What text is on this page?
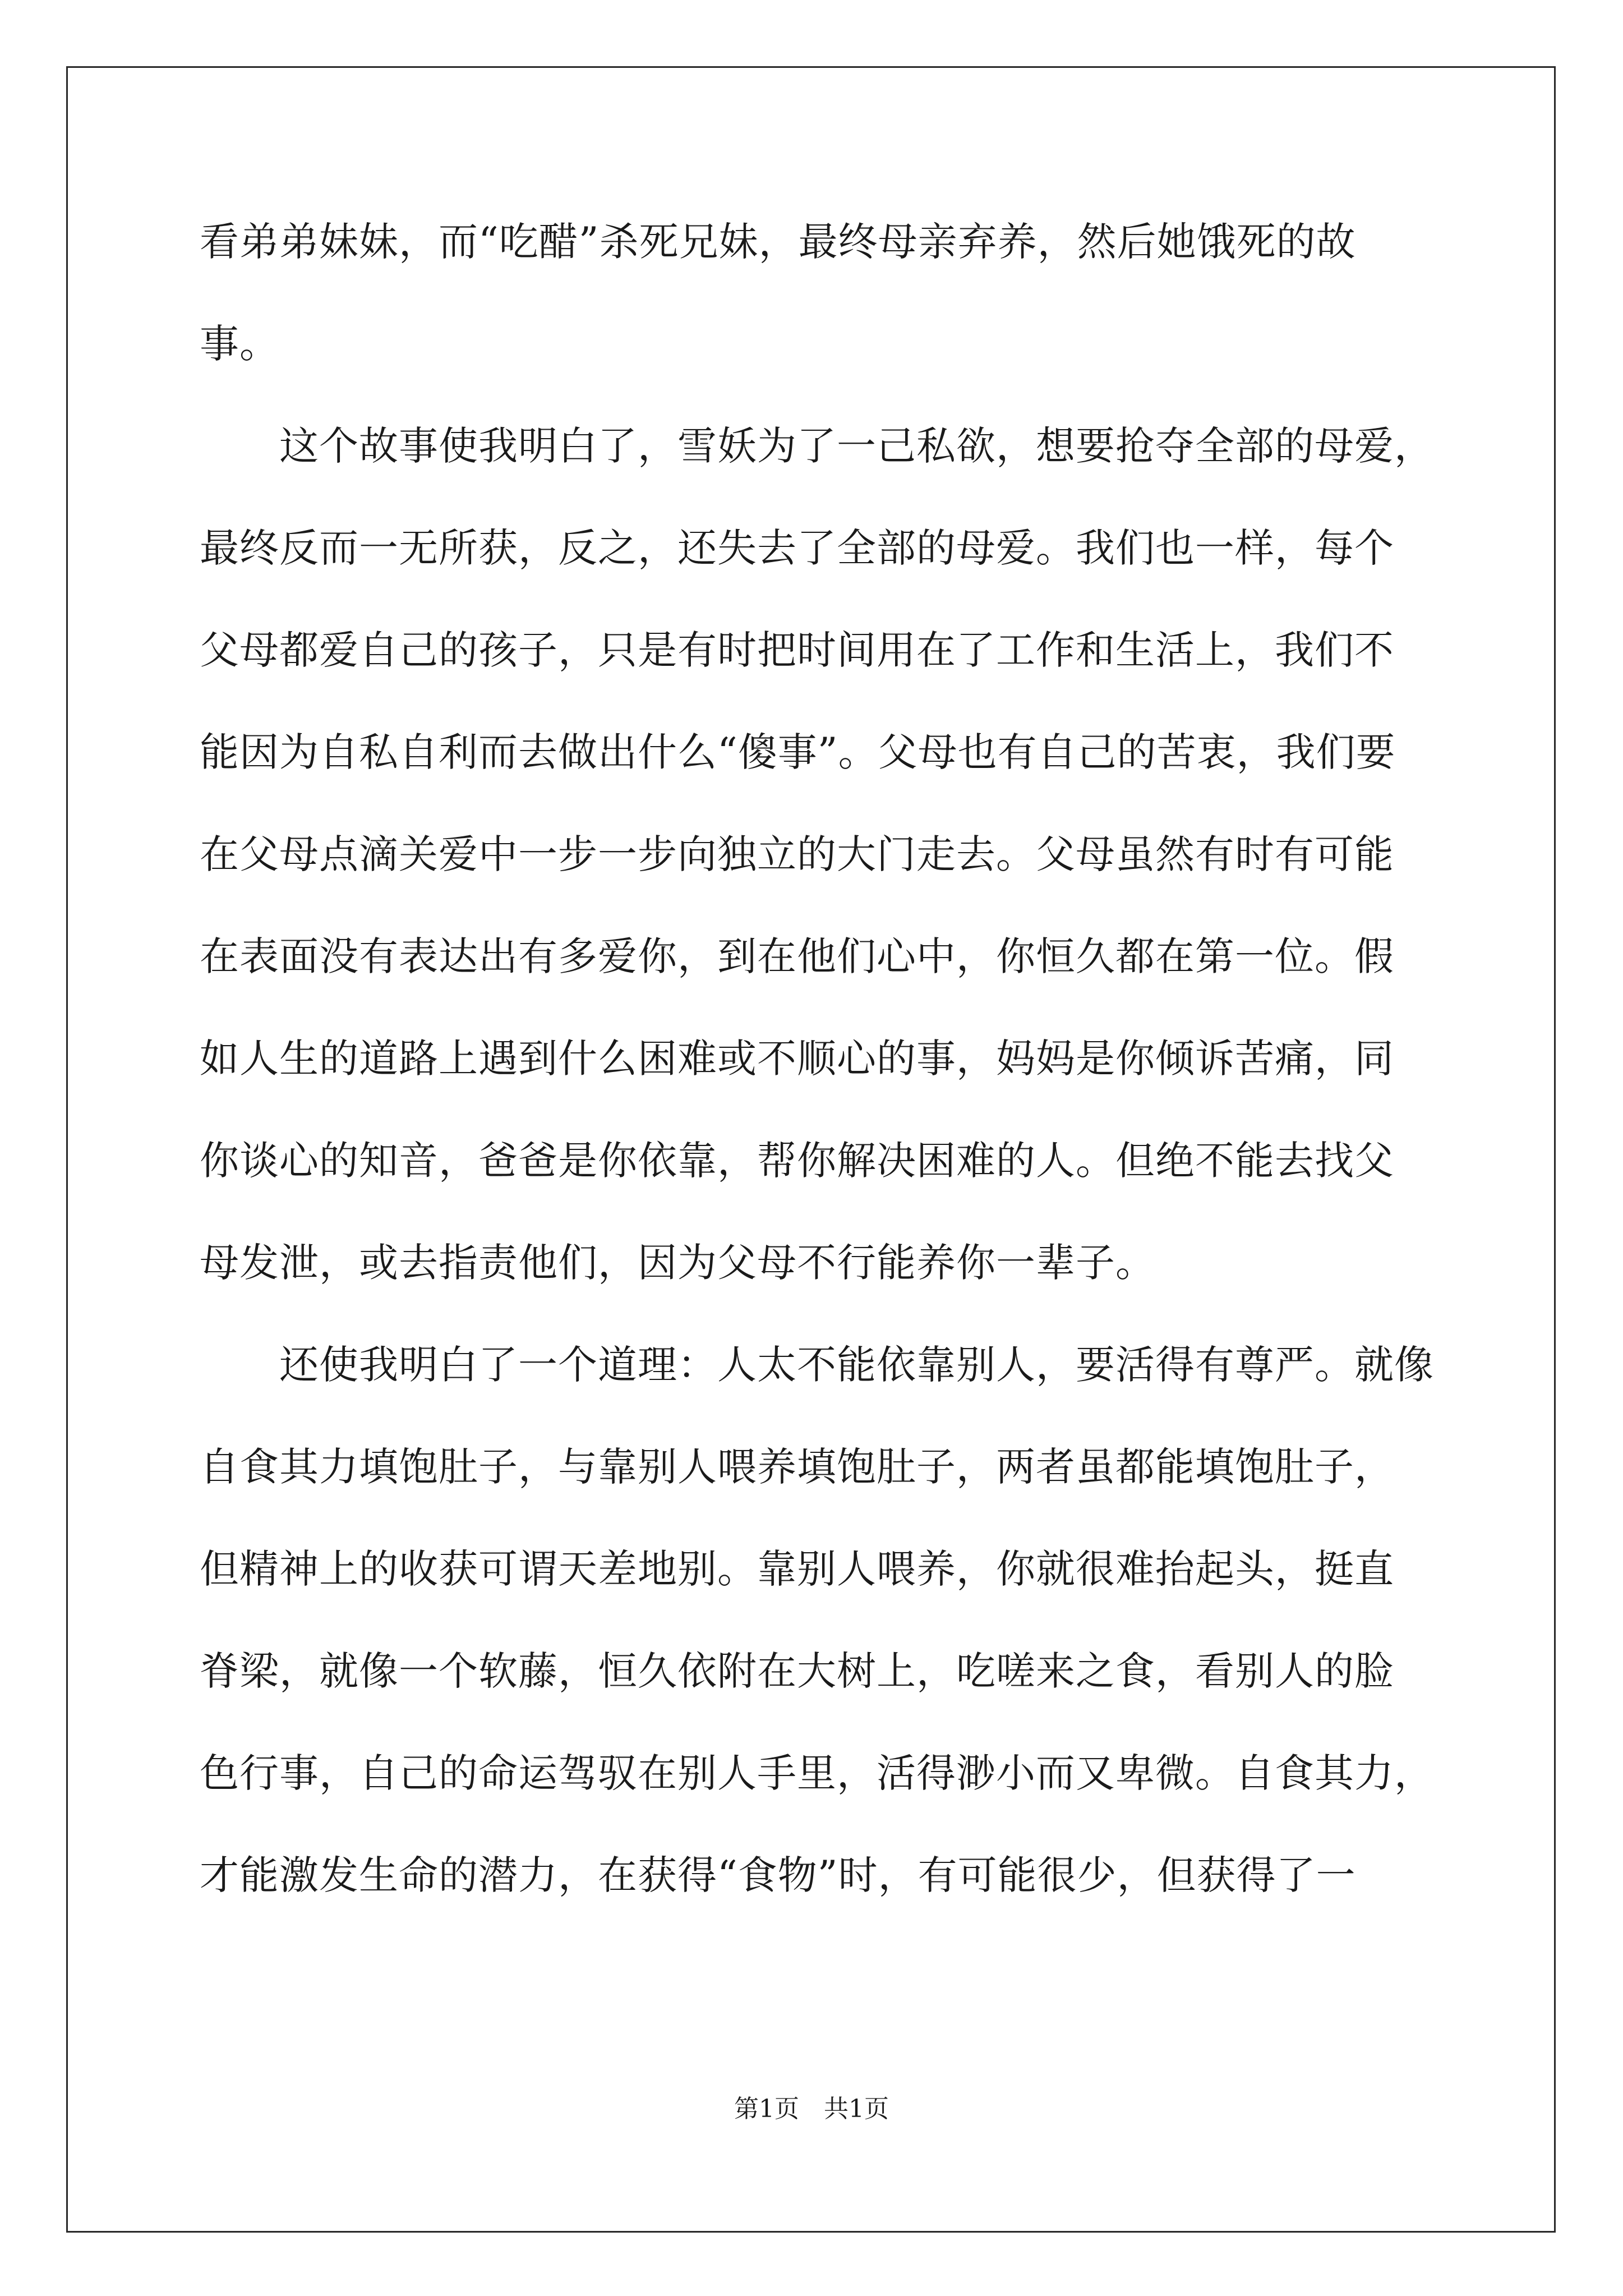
看弟弟妹妹，而“吃醋”杀死兄妹，最终母亲弃养，然后她饿死的故
事。
　　这个故事使我明白了，雪妖为了一己私欲，想要抢夺全部的母爱，
最终反而一无所获，反之，还失去了全部的母爱。我们也一样，每个
父母都爱自己的孩子，只是有时把时间用在了工作和生活上，我们不
能因为自私自利而去做出什么“傻事”。父母也有自己的苦衷，我们要
在父母点滴关爱中一步一步向独立的大门走去。父母虽然有时有可能
在表面没有表达出有多爱你，到在他们心中，你恒久都在第一位。假
如人生的道路上遇到什么困难或不顺心的事，妈妈是你倾诉苦痛，同
你谈心的知音，爸爸是你依靠，帮你解决困难的人。但绝不能去找父
母发泄，或去指责他们，因为父母不行能养你一辈子。
　　还使我明白了一个道理：人太不能依靠别人，要活得有尊严。就像
自食其力填饱肚子，与靠别人喂养填饱肚子，两者虽都能填饱肚子，
但精神上的收获可谓天差地别。靠别人喂养，你就很难抬起头，挺直
脊梁，就像一个软藤，恒久依附在大树上，吃嗟来之食，看别人的脸
色行事，自己的命运驾驭在别人手里，活得渺小而又卑微。自食其力，
才能激发生命的潜力，在获得“食物”时，有可能很少，但获得了一
第1页　共1页
